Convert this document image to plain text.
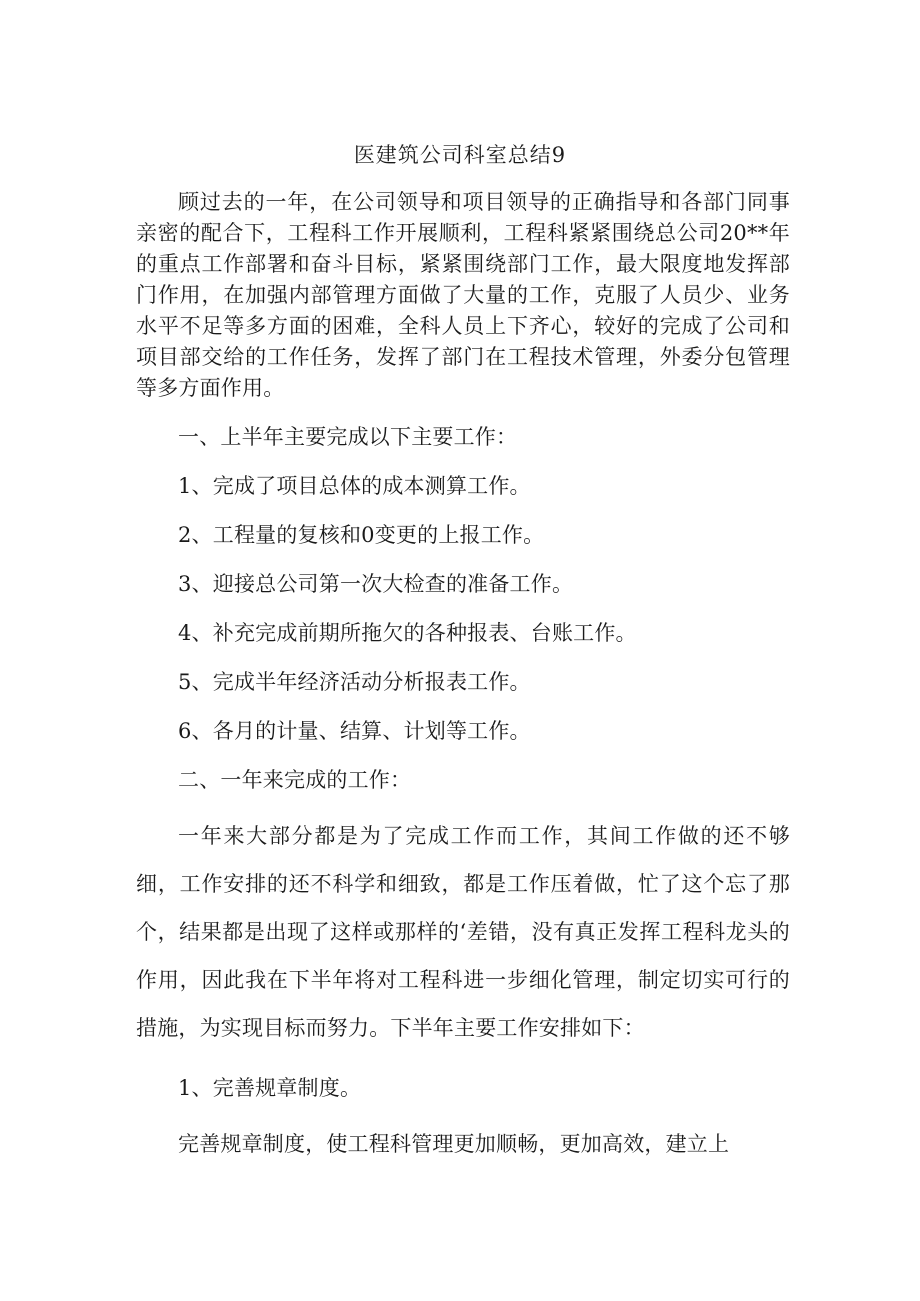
医建筑公司科室总结9

顾过去的一年，在公司领导和项目领导的正确指导和各部门同事亲密的配合下，工程科工作开展顺利，工程科紧紧围绕总公司20**年的重点工作部署和奋斗目标，紧紧围绕部门工作，最大限度地发挥部门作用，在加强内部管理方面做了大量的工作，克服了人员少、业务水平不足等多方面的困难，全科人员上下齐心，较好的完成了公司和项目部交给的工作任务，发挥了部门在工程技术管理，外委分包管理等多方面作用。

一、上半年主要完成以下主要工作：

1、完成了项目总体的成本测算工作。

2、工程量的复核和0变更的上报工作。

3、迎接总公司第一次大检查的准备工作。

4、补充完成前期所拖欠的各种报表、台账工作。

5、完成半年经济活动分析报表工作。

6、各月的计量、结算、计划等工作。

二、一年来完成的工作：

一年来大部分都是为了完成工作而工作，其间工作做的还不够细，工作安排的还不科学和细致，都是工作压着做，忙了这个忘了那个，结果都是出现了这样或那样的‘差错，没有真正发挥工程科龙头的作用，因此我在下半年将对工程科进一步细化管理，制定切实可行的措施，为实现目标而努力。下半年主要工作安排如下：

1、完善规章制度。

完善规章制度，使工程科管理更加顺畅，更加高效，建立上
